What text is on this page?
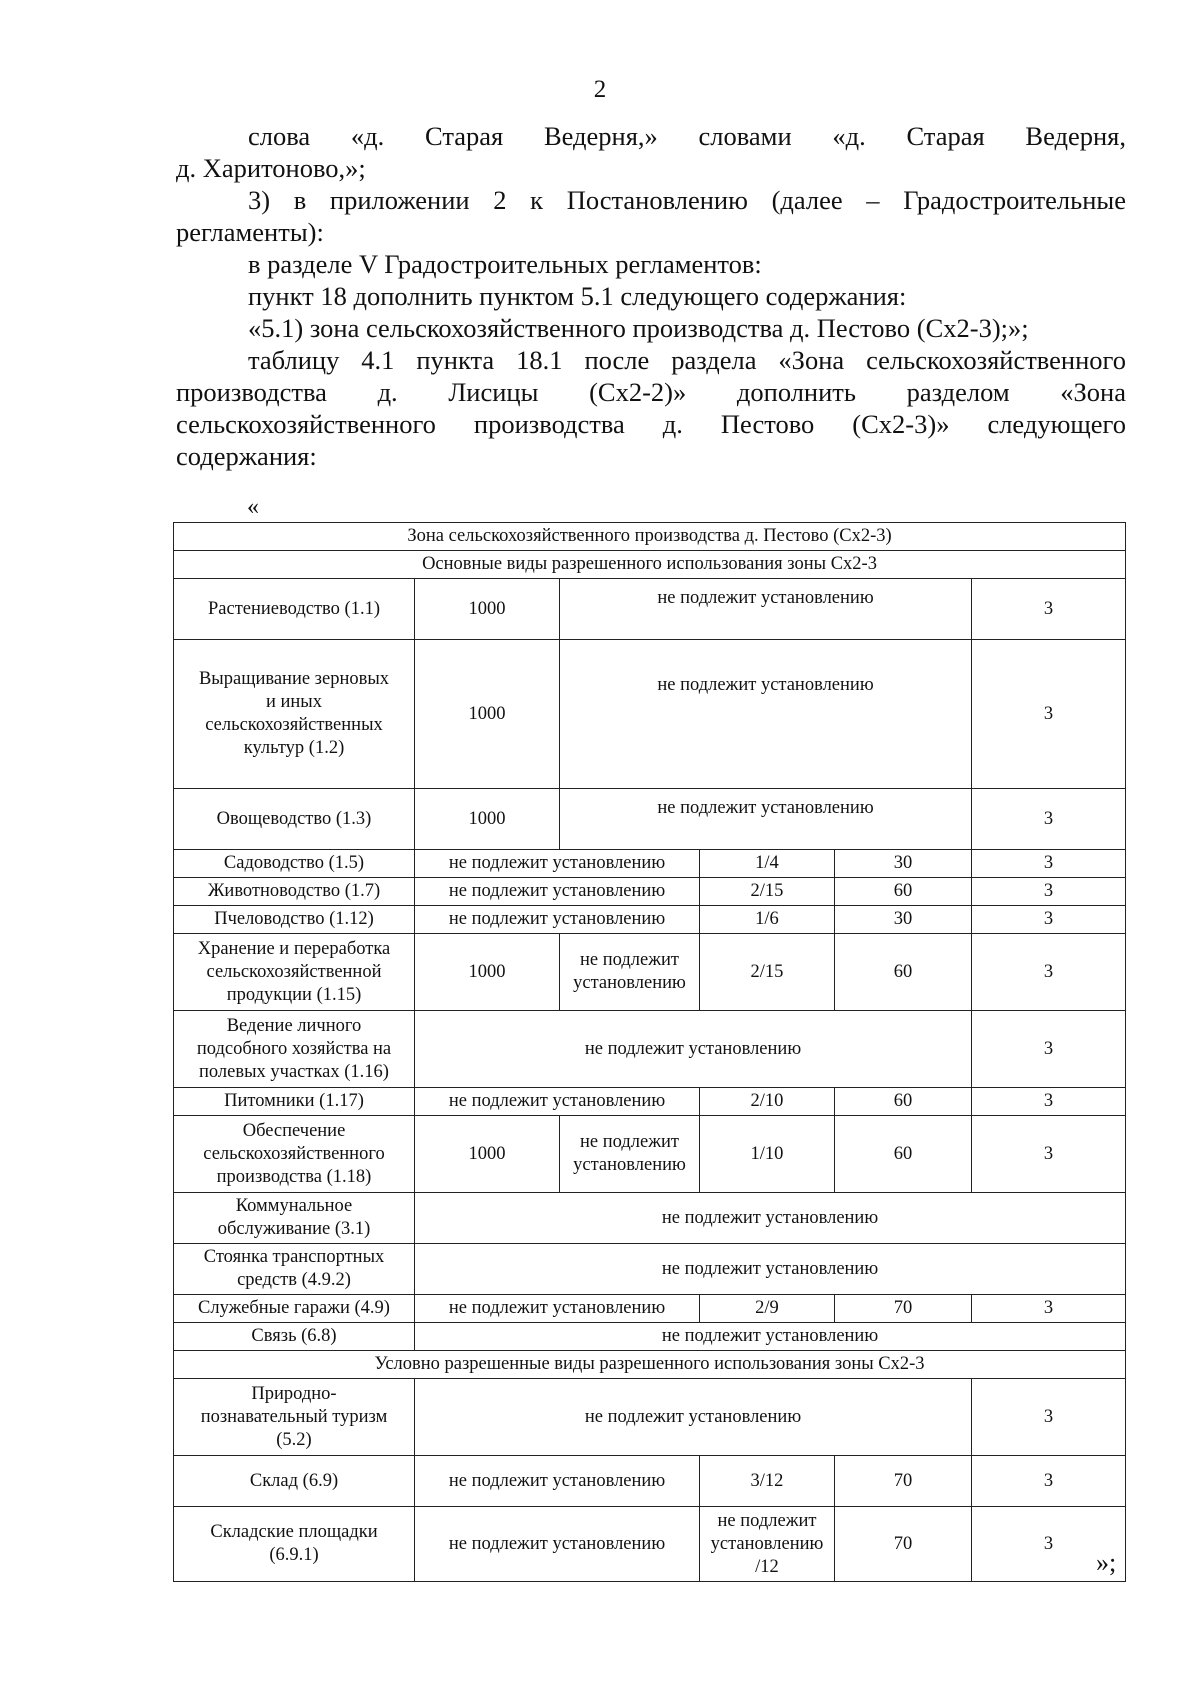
2
слова «д. Старая Ведерня,» словами «д. Старая Ведерня,
д. Харитоново,»;
3) в приложении 2 к Постановлению (далее – Градостроительные
регламенты):
в разделе V Градостроительных регламентов:
пункт 18 дополнить пунктом 5.1 следующего содержания:
«5.1) зона сельскохозяйственного производства д. Пестово (Сх2-3);»;
таблицу 4.1 пункта 18.1 после раздела «Зона сельскохозяйственного
производства д. Лисицы (Сх2-2)» дополнить разделом «Зона
сельскохозяйственного производства д. Пестово (Сх2-3)» следующего
содержания:
«
Зона сельскохозяйственного производства д. Пестово (Сх2-3)					
Основные виды разрешенного использования зоны Сх2-3					
Растениеводство (1.1)	1000	не подлежит установлению			3
Выращивание зерновых
и иных
сельскохозяйственных
культур (1.2)	1000	не подлежит установлению			3
Овощеводство (1.3)	1000	не подлежит установлению			3
Садоводство (1.5)	не подлежит установлению		1/4	30	3
Животноводство (1.7)	не подлежит установлению		2/15	60	3
Пчеловодство (1.12)	не подлежит установлению		1/6	30	3
Хранение и переработка
сельскохозяйственной
продукции (1.15)	1000	не подлежит
установлению	2/15	60	3
Ведение личного
подсобного хозяйства на
полевых участках (1.16)	не подлежит установлению				3
Питомники (1.17)	не подлежит установлению		2/10	60	3
Обеспечение
сельскохозяйственного
производства (1.18)	1000	не подлежит
установлению	1/10	60	3
Коммунальное
обслуживание (3.1)	не подлежит установлению				
Стоянка транспортных
средств (4.9.2)	не подлежит установлению				
Служебные гаражи (4.9)	не подлежит установлению		2/9	70	3
Связь (6.8)	не подлежит установлению				
Условно разрешенные виды разрешенного использования зоны Сх2-3					
Природно-
познавательный туризм
(5.2)	не подлежит установлению				3
Склад (6.9)	не подлежит установлению		3/12	70	3
Складские площадки
(6.9.1)	не подлежит установлению		не подлежит
установлению
/12	70	3
»;
